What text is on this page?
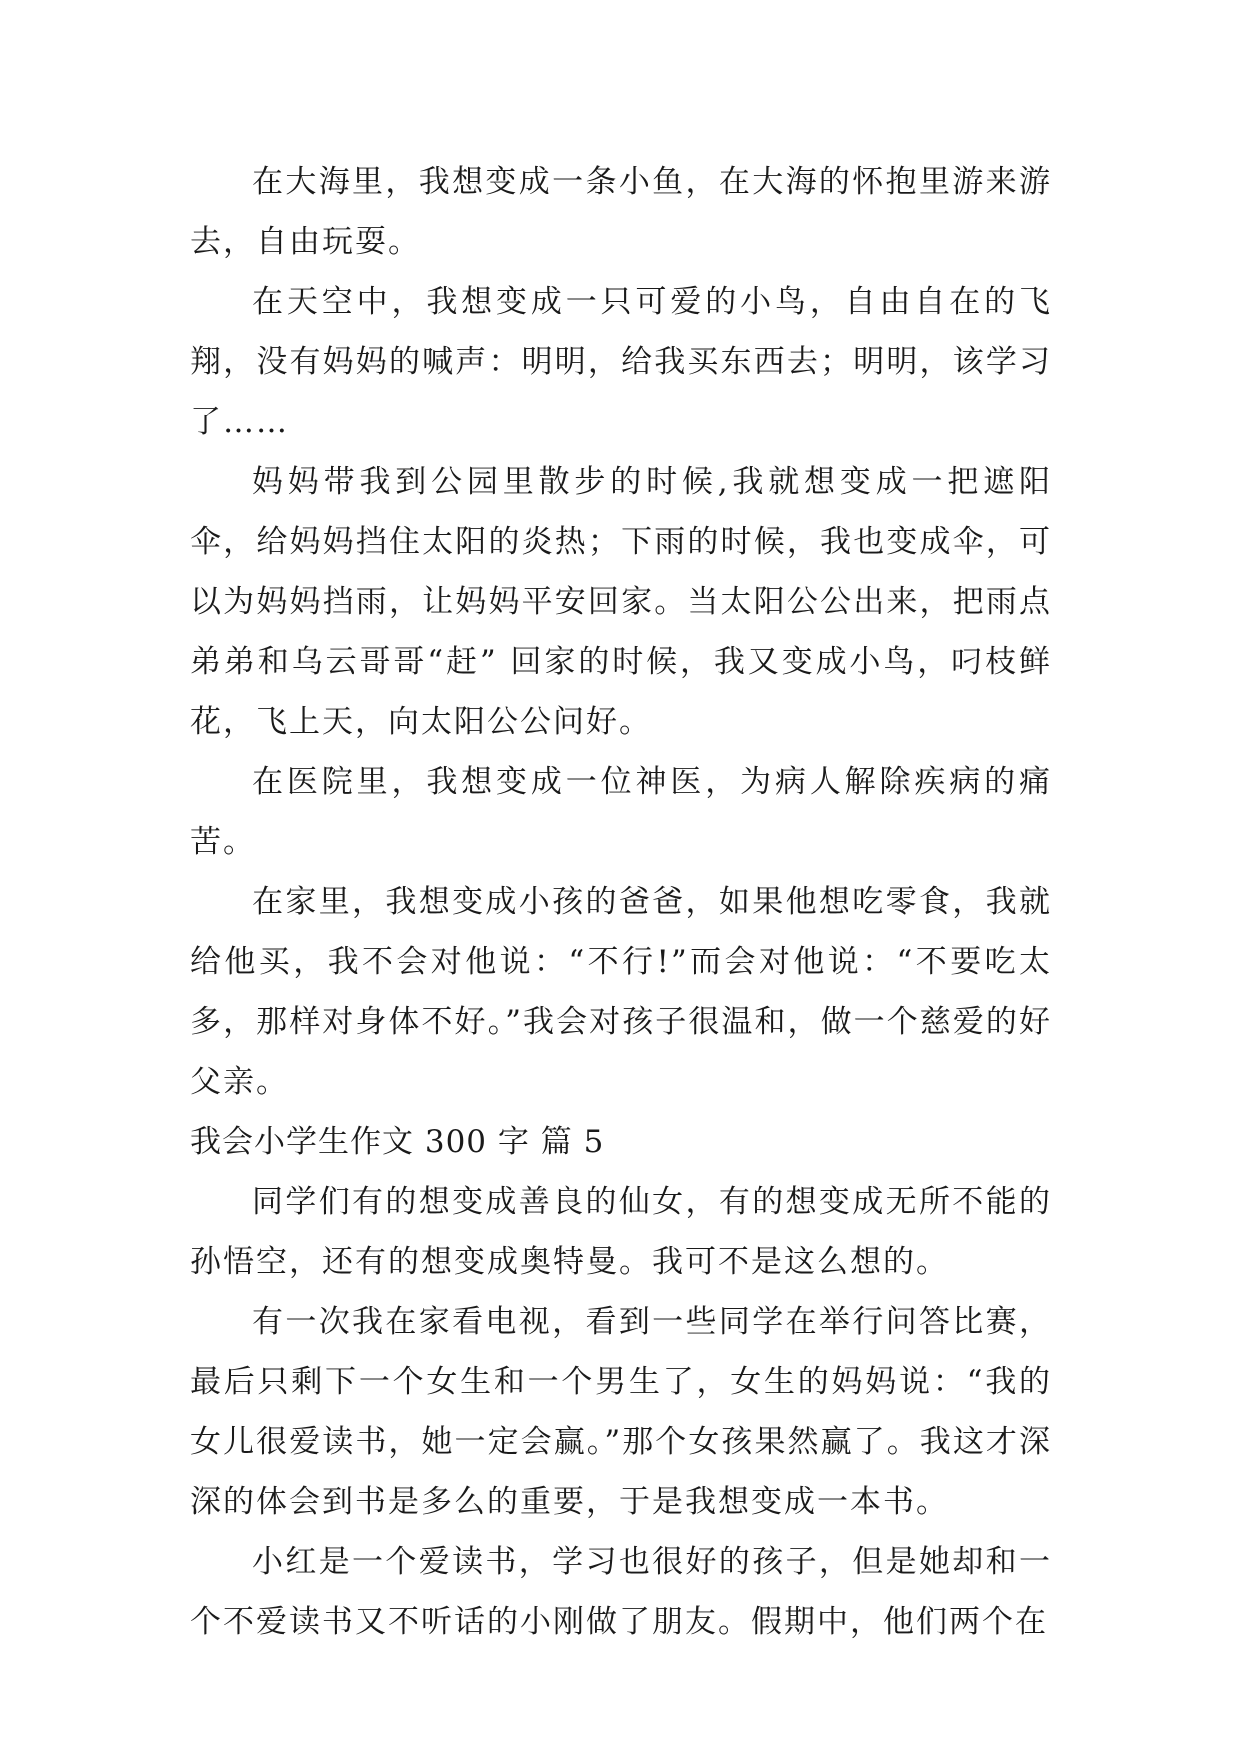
在大海里，我想变成一条小鱼，在大海的怀抱里游来游去，自由玩耍。

在天空中，我想变成一只可爱的小鸟，自由自在的飞翔，没有妈妈的喊声：明明，给我买东西去；明明，该学习了……

妈妈带我到公园里散步的时候,我就想变成一把遮阳伞，给妈妈挡住太阳的炎热；下雨的时候，我也变成伞，可以为妈妈挡雨，让妈妈平安回家。当太阳公公出来，把雨点弟弟和乌云哥哥“赶” 回家的时候，我又变成小鸟，叼枝鲜花，飞上天，向太阳公公问好。

在医院里，我想变成一位神医，为病人解除疾病的痛苦。

在家里，我想变成小孩的爸爸，如果他想吃零食，我就给他买，我不会对他说：“不行!”而会对他说：“不要吃太多，那样对身体不好。”我会对孩子很温和，做一个慈爱的好父亲。

我会小学生作文 300 字 篇 5

同学们有的想变成善良的仙女，有的想变成无所不能的孙悟空，还有的想变成奥特曼。我可不是这么想的。

有一次我在家看电视，看到一些同学在举行问答比赛，最后只剩下一个女生和一个男生了，女生的妈妈说：“我的女儿很爱读书，她一定会赢。”那个女孩果然赢了。我这才深深的体会到书是多么的重要，于是我想变成一本书。

小红是一个爱读书，学习也很好的孩子，但是她却和一个不爱读书又不听话的小刚做了朋友。假期中，他们两个在
